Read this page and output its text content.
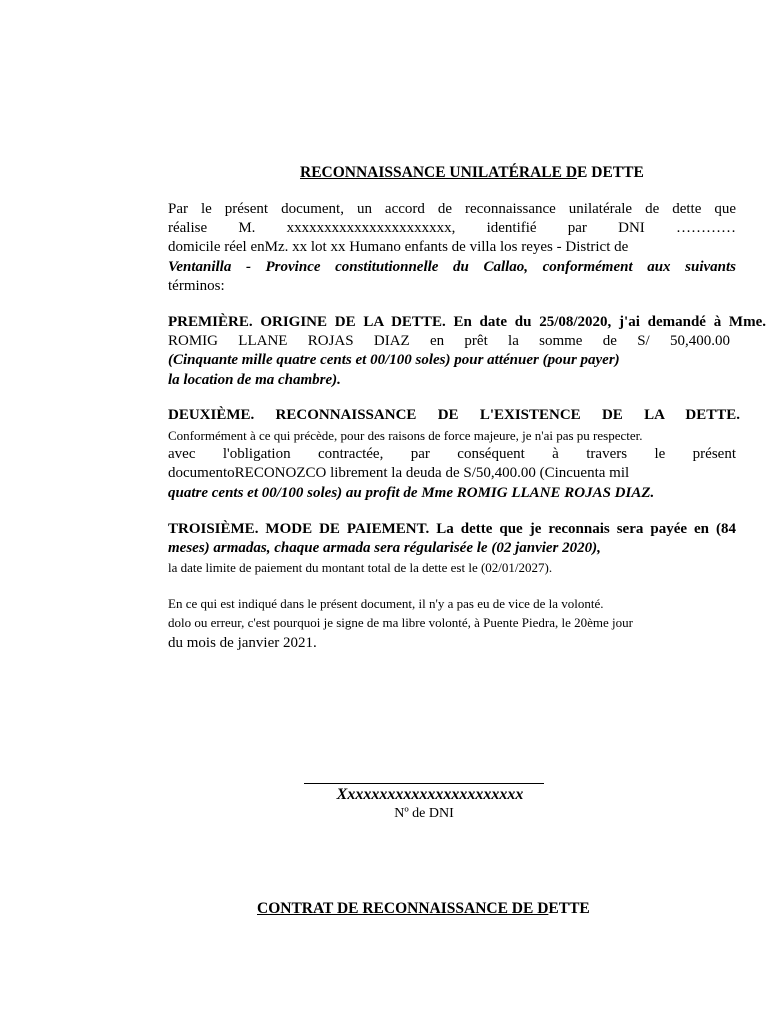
RECONNAISSANCE UNILATÉRALE DE DETTE
Par le présent document, un accord de reconnaissance unilatérale de dette que
réalise M. xxxxxxxxxxxxxxxxxxxxxx, identifié par DNI …………
domicile réel enMz. xx lot xx Humano enfants de villa los reyes - District de
Ventanilla - Province constitutionnelle du Callao, conformément aux suivants
términos:
PREMIÈRE. ORIGINE DE LA DETTE. En date du 25/08/2020, j'ai demandé à Mme.
ROMIG LLANE ROJAS DIAZ en prêt la somme de S/ 50,400.00
(Cinquante mille quatre cents et 00/100 soles) pour atténuer (pour payer)
la location de ma chambre).
DEUXIÈME. RECONNAISSANCE DE L'EXISTENCE DE LA DETTE.
Conformément à ce qui précède, pour des raisons de force majeure, je n'ai pas pu respecter.
avec l'obligation contractée, par conséquent à travers le présent
documentoRECONOZCO librement la deuda de S/50,400.00 (Cincuenta mil
quatre cents et 00/100 soles) au profit de Mme ROMIG LLANE ROJAS DIAZ.
TROISIÈME. MODE DE PAIEMENT. La dette que je reconnais sera payée en (84
meses) armadas, chaque armada sera régularisée le (02 janvier 2020),
la date limite de paiement du montant total de la dette est le (02/01/2027).
En ce qui est indiqué dans le présent document, il n'y a pas eu de vice de la volonté.
dolo ou erreur, c'est pourquoi je signe de ma libre volonté, à Puente Piedra, le 20ème jour
du mois de janvier 2021.
Xxxxxxxxxxxxxxxxxxxxxxx
Nº de DNI
CONTRAT DE RECONNAISSANCE DE DETTE
